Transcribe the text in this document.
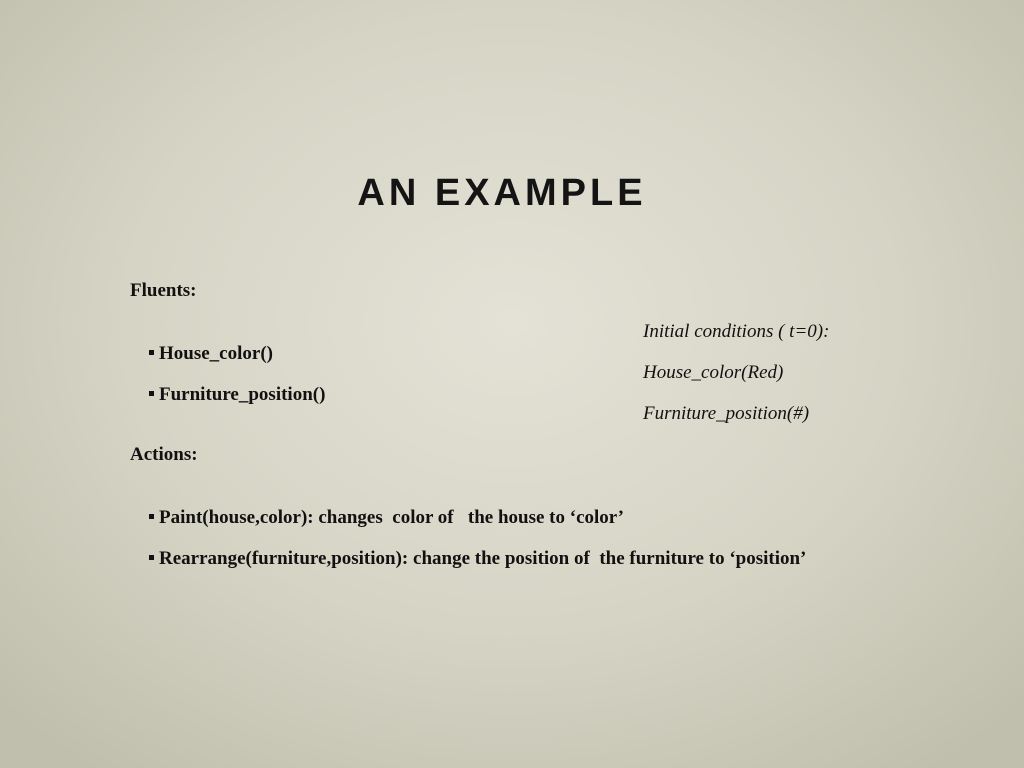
AN EXAMPLE
Fluents:

House_color()

Furniture_position()

Initial conditions ( t=0):
House_color(Red)
Furniture_position(#)
Actions:

Paint(house,color): changes  color of   the house to ‘color’

Rearrange(furniture,position): change the position of  the furniture to ‘position’
